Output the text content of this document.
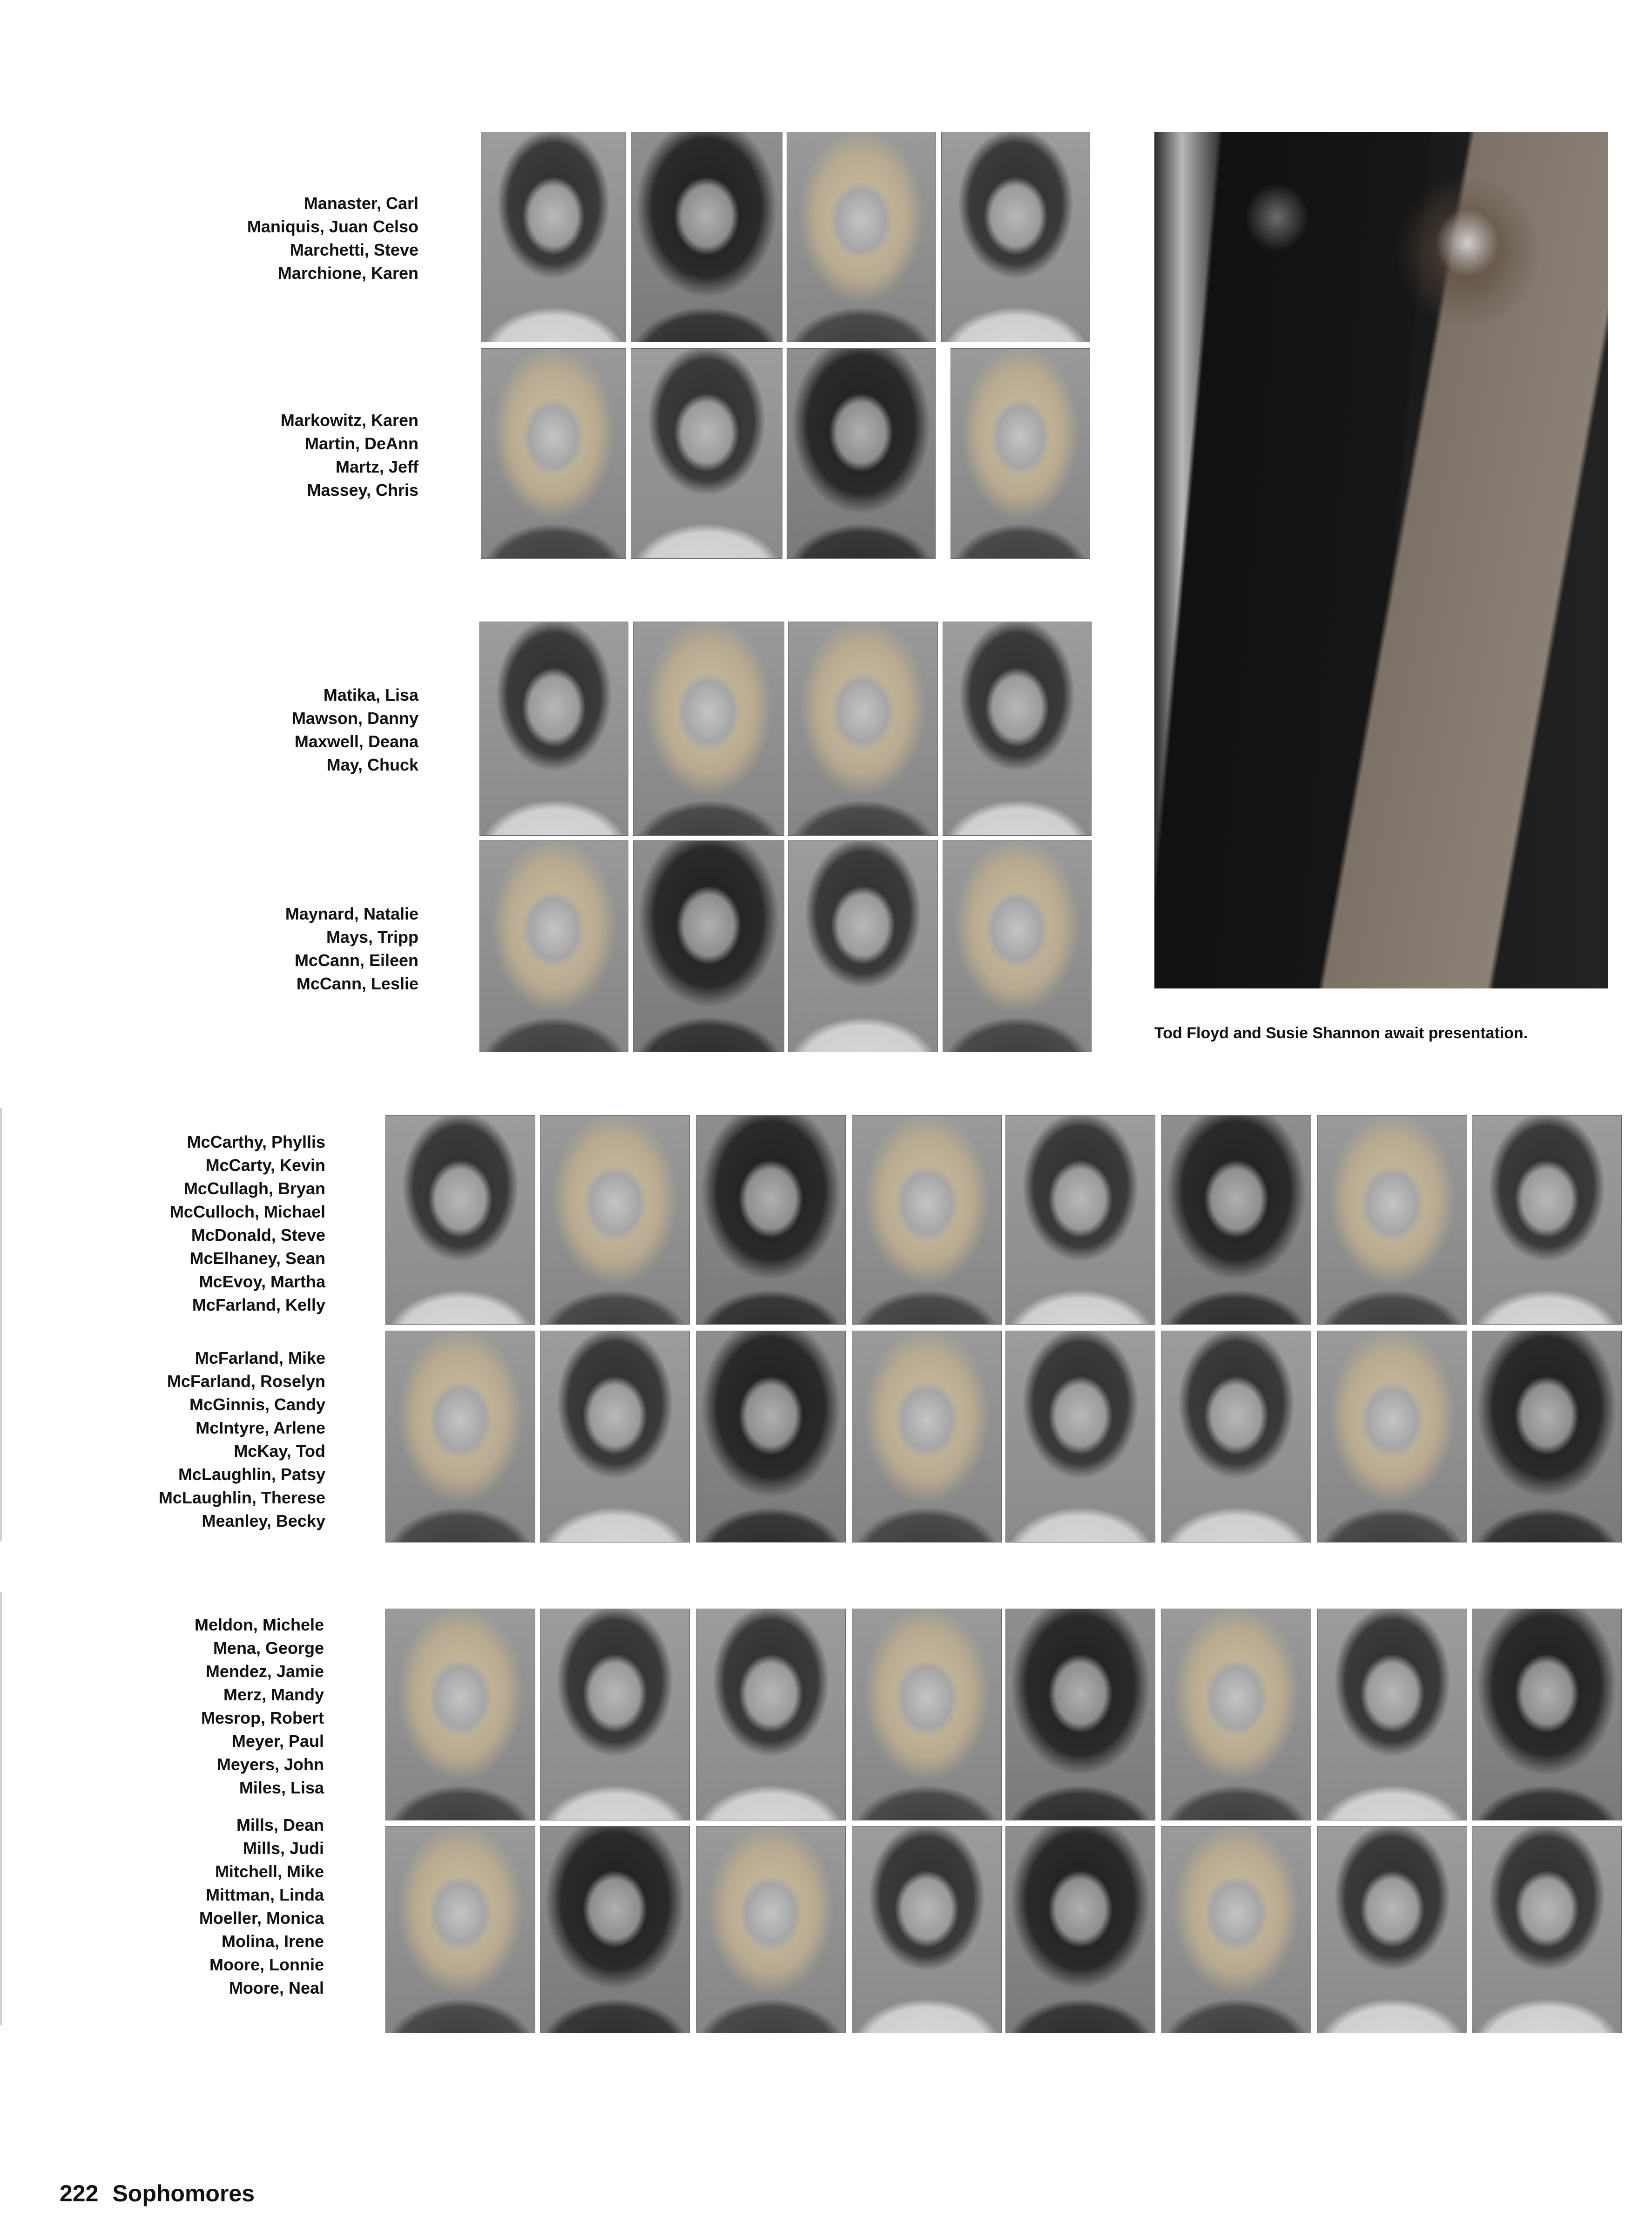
Manaster, Carl
Maniquis, Juan Celso
Marchetti, Steve
Marchione, Karen
Markowitz, Karen
Martin, DeAnn
Martz, Jeff
Massey, Chris
Matika, Lisa
Mawson, Danny
Maxwell, Deana
May, Chuck
Maynard, Natalie
Mays, Tripp
McCann, Eileen
McCann, Leslie
Tod Floyd and Susie Shannon await presentation.
McCarthy, Phyllis
McCarty, Kevin
McCullagh, Bryan
McCulloch, Michael
McDonald, Steve
McElhaney, Sean
McEvoy, Martha
McFarland, Kelly
McFarland, Mike
McFarland, Roselyn
McGinnis, Candy
McIntyre, Arlene
McKay, Tod
McLaughlin, Patsy
McLaughlin, Therese
Meanley, Becky
Meldon, Michele
Mena, George
Mendez, Jamie
Merz, Mandy
Mesrop, Robert
Meyer, Paul
Meyers, John
Miles, Lisa
Mills, Dean
Mills, Judi
Mitchell, Mike
Mittman, Linda
Moeller, Monica
Molina, Irene
Moore, Lonnie
Moore, Neal
222 Sophomores
